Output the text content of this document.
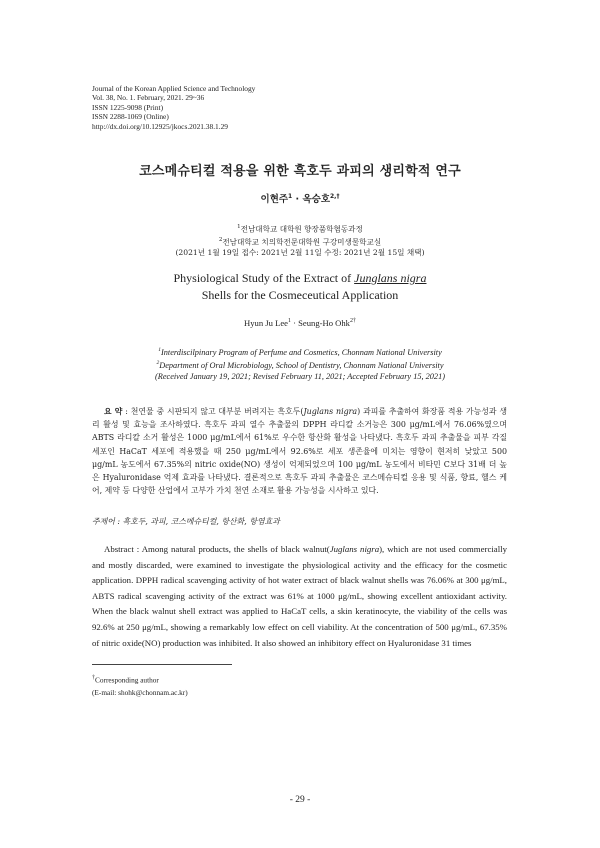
Journal of the Korean Applied Science and Technology
Vol. 38, No. 1. February, 2021. 29~36
ISSN 1225-9098 (Print)
ISSN 2288-1069 (Online)
http://dx.doi.org/10.12925/jkocs.2021.38.1.29
코스메슈티컬 적용을 위한 흑호두 과피의 생리학적 연구
이현주$^1$ · 옥승호$^{2,\dagger}$
$^1$전남대학교 대학원 향장품학협동과정
$^2$전남대학교 치의학전문대학원 구강미생물학교실
(2021년 1월 19일 접수: 2021년 2월 11일 수정: 2021년 2월 15일 채택)
Physiological Study of the Extract of Junglans nigra
Shells for the Cosmeceutical Application
Hyun Ju Lee$^1$ · Seung-Ho Ohk$^{2\dagger}$
$^1$Interdiscilpinary Program of Perfume and Cosmetics, Chonnam National University
$^2$Department of Oral Microbiology, School of Dentistry, Chonnam National University
(Received January 19, 2021; Revised February 11, 2021; Accepted February 15, 2021)
요 약 : 천연물 중 시판되지 않고 대부분 버려지는 흑호두(Juglans nigra) 과피를 추출하여 화장품 적용 가능성과 생리 활성 및 효능을 조사하였다. 흑호두 과피 열수 추출물의 DPPH 라디칼 소거능은 300 μg/mL에서 76.06%였으며 ABTS 라디칼 소거 활성은 1000 μg/mL에서 61%로 우수한 항산화 활성을 나타냈다. 흑호두 과피 추출물을 피부 각질 세포인 HaCaT 세포에 적용했을 때 250 μg/mL에서 92.6%로 세포 생존율에 미치는 영향이 현저히 낮았고 500 μg/mL 농도에서 67.35%의 nitric oxide(NO) 생성이 억제되었으며 100 μg/mL 농도에서 비타민 C보다 31배 더 높은 Hyaluronidase 억제 효과를 나타냈다. 결론적으로 흑호두 과피 추출물은 코스메슈티컬 응용 및 식품, 향료, 헬스 케어, 제약 등 다양한 산업에서 고부가 가치 천연 소재로 활용 가능성을 시사하고 있다.
주제어 : 흑호두, 과피, 코스메슈티컬, 항산화, 항염효과
Abstract : Among natural products, the shells of black walnut(Juglans nigra), which are not used commercially and mostly discarded, were examined to investigate the physiological activity and the efficacy for the cosmetic application. DPPH radical scavenging activity of hot water extract of black walnut shells was 76.06% at 300 μg/mL, ABTS radical scavenging activity of the extract was 61% at 1000 μg/mL, showing excellent antioxidant activity. When the black walnut shell extract was applied to HaCaT cells, a skin keratinocyte, the viability of the cells was 92.6% at 250 μg/mL, showing a remarkably low effect on cell viability. At the concentration of 500 μg/mL, 67.35% of nitric oxide(NO) production was inhibited. It also showed an inhibitory effect on Hyaluronidase 31 times
†Corresponding author
(E-mail: shohk@chonnam.ac.kr)
- 29 -
